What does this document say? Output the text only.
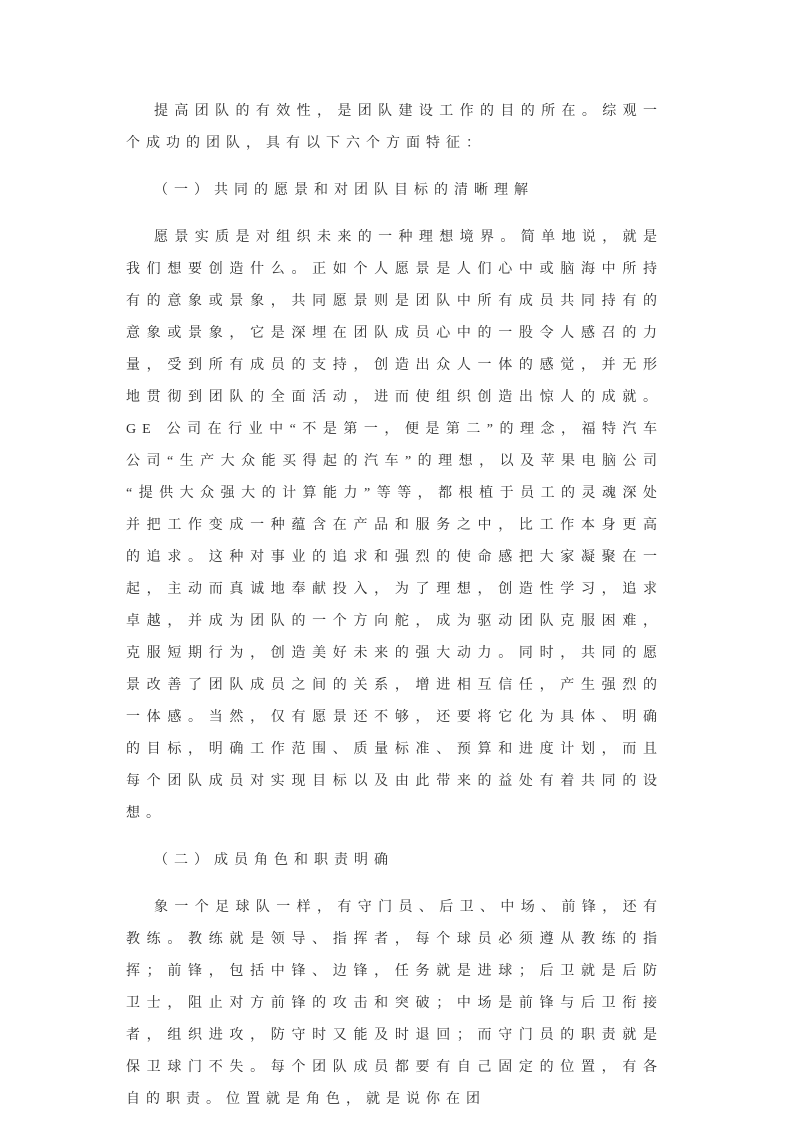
提高团队的有效性，是团队建设工作的目的所在。综观一个成功的团队，具有以下六个方面特征：

（一）共同的愿景和对团队目标的清晰理解

愿景实质是对组织未来的一种理想境界。简单地说，就是我们想要创造什么。正如个人愿景是人们心中或脑海中所持有的意象或景象，共同愿景则是团队中所有成员共同持有的意象或景象，它是深埋在团队成员心中的一股令人感召的力量，受到所有成员的支持，创造出众人一体的感觉，并无形地贯彻到团队的全面活动，进而使组织创造出惊人的成就。GE 公司在行业中“不是第一，便是第二”的理念，福特汽车公司“生产大众能买得起的汽车”的理想，以及苹果电脑公司“提供大众强大的计算能力”等等，都根植于员工的灵魂深处并把工作变成一种蕴含在产品和服务之中，比工作本身更高的追求。这种对事业的追求和强烈的使命感把大家凝聚在一起，主动而真诚地奉献投入，为了理想，创造性学习，追求卓越，并成为团队的一个方向舵，成为驱动团队克服困难，克服短期行为，创造美好未来的强大动力。同时，共同的愿景改善了团队成员之间的关系，增进相互信任，产生强烈的一体感。当然，仅有愿景还不够，还要将它化为具体、明确的目标，明确工作范围、质量标准、预算和进度计划，而且每个团队成员对实现目标以及由此带来的益处有着共同的设想。

（二）成员角色和职责明确

象一个足球队一样，有守门员、后卫、中场、前锋，还有教练。教练就是领导、指挥者，每个球员必须遵从教练的指挥；前锋，包括中锋、边锋，任务就是进球；后卫就是后防卫士，阻止对方前锋的攻击和突破；中场是前锋与后卫衔接者，组织进攻，防守时又能及时退回；而守门员的职责就是保卫球门不失。每个团队成员都要有自己固定的位置，有各自的职责。位置就是角色，就是说你在团
